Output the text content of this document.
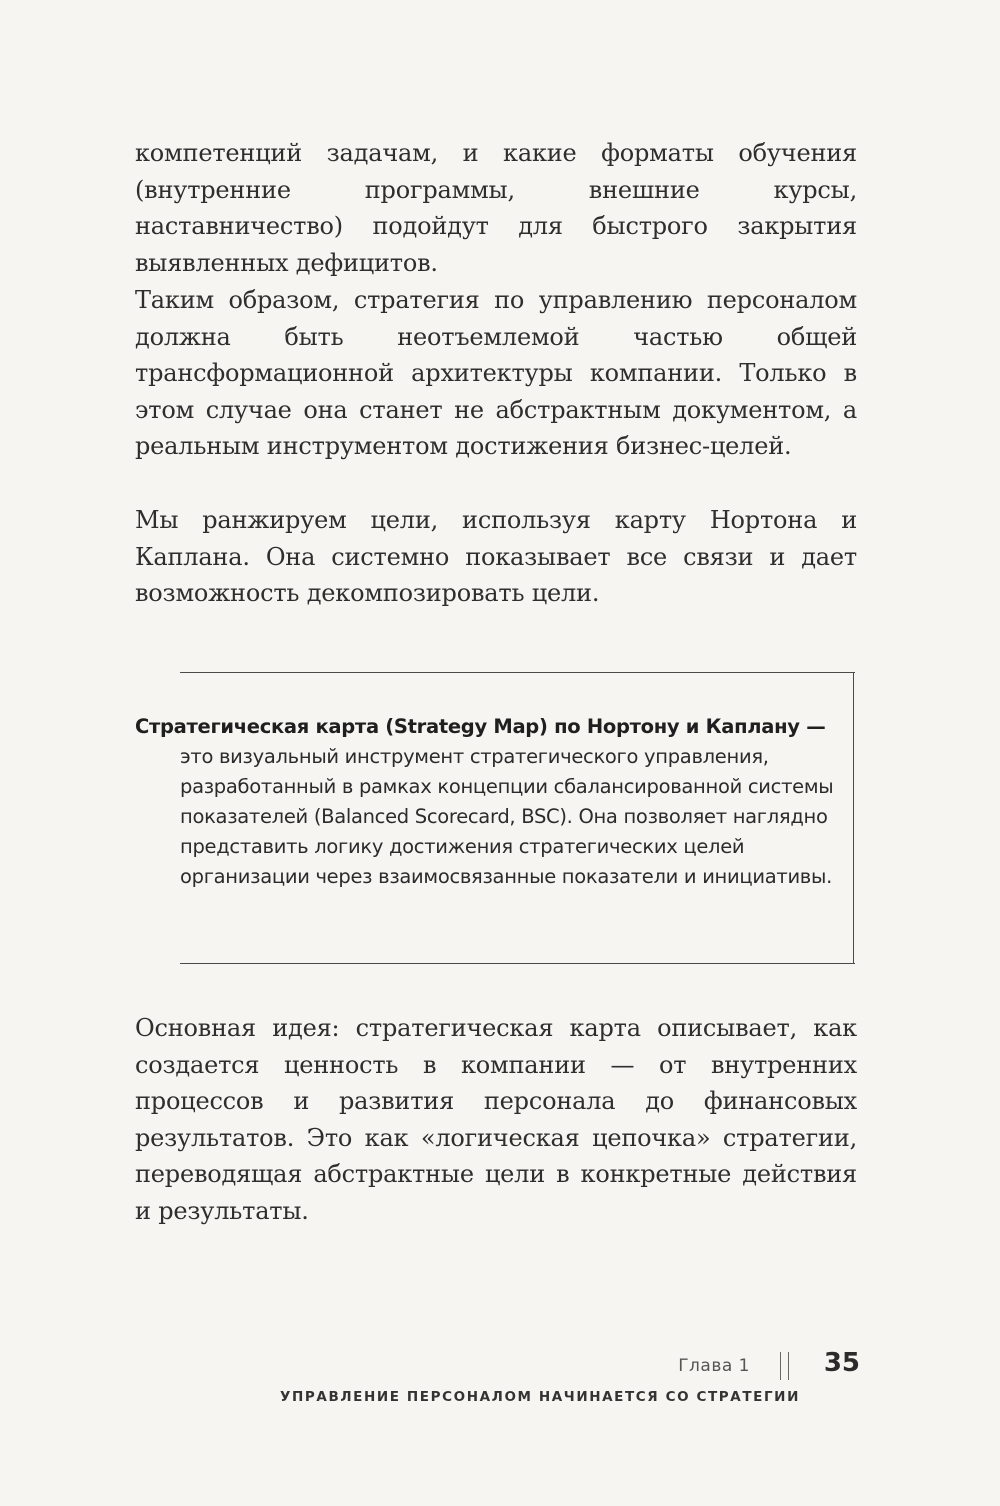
компетенций задачам, и какие форматы обучения (внутренние программы, внешние курсы, наставничество) подойдут для быстрого закрытия выявленных дефицитов.

Таким образом, стратегия по управлению персоналом должна быть неотъемлемой частью общей трансформационной архитектуры компании. Только в этом случае она станет не абстрактным документом, а реальным инструментом достижения бизнес-целей.

Мы ранжируем цели, используя карту Нортона и Каплана. Она системно показывает все связи и дает возможность декомпозировать цели.

Стратегическая карта (Strategy Map) по Нортону и Каплану —
это визуальный инструмент стратегического управления, разработанный в рамках концепции сбалансированной системы показателей (Balanced Scorecard, BSC). Она позволяет наглядно представить логику достижения стратегических целей организации через взаимосвязанные показатели и инициативы.

Основная идея: стратегическая карта описывает, как создается ценность в компании — от внутренних процессов и развития персонала до финансовых результатов. Это как «логическая цепочка» стратегии, переводящая абстрактные цели в конкретные действия и результаты.

Глава 1	35
УПРАВЛЕНИЕ ПЕРСОНАЛОМ НАЧИНАЕТСЯ СО СТРАТЕГИИ
